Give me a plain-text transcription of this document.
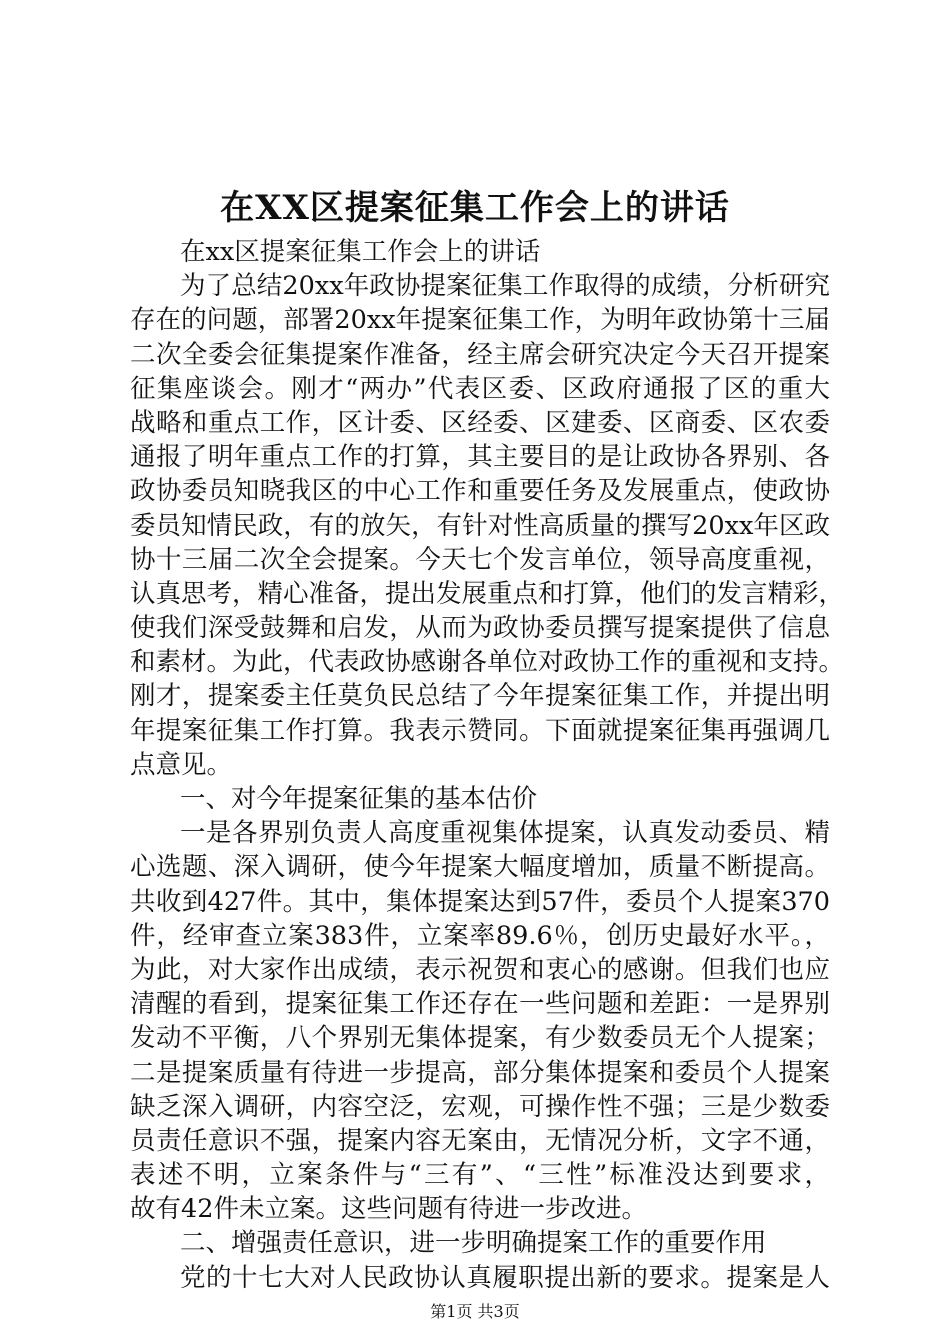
在XX区提案征集工作会上的讲话

在xx区提案征集工作会上的讲话

为了总结20xx年政协提案征集工作取得的成绩，分析研究

存在的问题，部署20xx年提案征集工作，为明年政协第十三届

二次全委会征集提案作准备，经主席会研究决定今天召开提案

征集座谈会。刚才“两办”代表区委、区政府通报了区的重大

战略和重点工作，区计委、区经委、区建委、区商委、区农委

通报了明年重点工作的打算，其主要目的是让政协各界别、各

政协委员知晓我区的中心工作和重要任务及发展重点，使政协

委员知情民政，有的放矢，有针对性高质量的撰写20xx年区政

协十三届二次全会提案。今天七个发言单位，领导高度重视，

认真思考，精心准备，提出发展重点和打算，他们的发言精彩，

使我们深受鼓舞和启发，从而为政协委员撰写提案提供了信息

和素材。为此，代表政协感谢各单位对政协工作的重视和支持。

刚才，提案委主任莫负民总结了今年提案征集工作，并提出明

年提案征集工作打算。我表示赞同。下面就提案征集再强调几

点意见。

一、对今年提案征集的基本估价

一是各界别负责人高度重视集体提案，认真发动委员、精

心选题、深入调研，使今年提案大幅度增加，质量不断提高。

共收到427件。其中，集体提案达到57件，委员个人提案370

件，经审查立案383件，立案率89.6％，创历史最好水平。，

为此，对大家作出成绩，表示祝贺和衷心的感谢。但我们也应

清醒的看到，提案征集工作还存在一些问题和差距：一是界别

发动不平衡，八个界别无集体提案，有少数委员无个人提案；

二是提案质量有待进一步提高，部分集体提案和委员个人提案

缺乏深入调研，内容空泛，宏观，可操作性不强；三是少数委

员责任意识不强，提案内容无案由，无情况分析，文字不通，

表述不明，立案条件与“三有”、“三性”标准没达到要求，

故有42件未立案。这些问题有待进一步改进。

二、增强责任意识，进一步明确提案工作的重要作用

党的十七大对人民政协认真履职提出新的要求。提案是人

第1页 共3页
